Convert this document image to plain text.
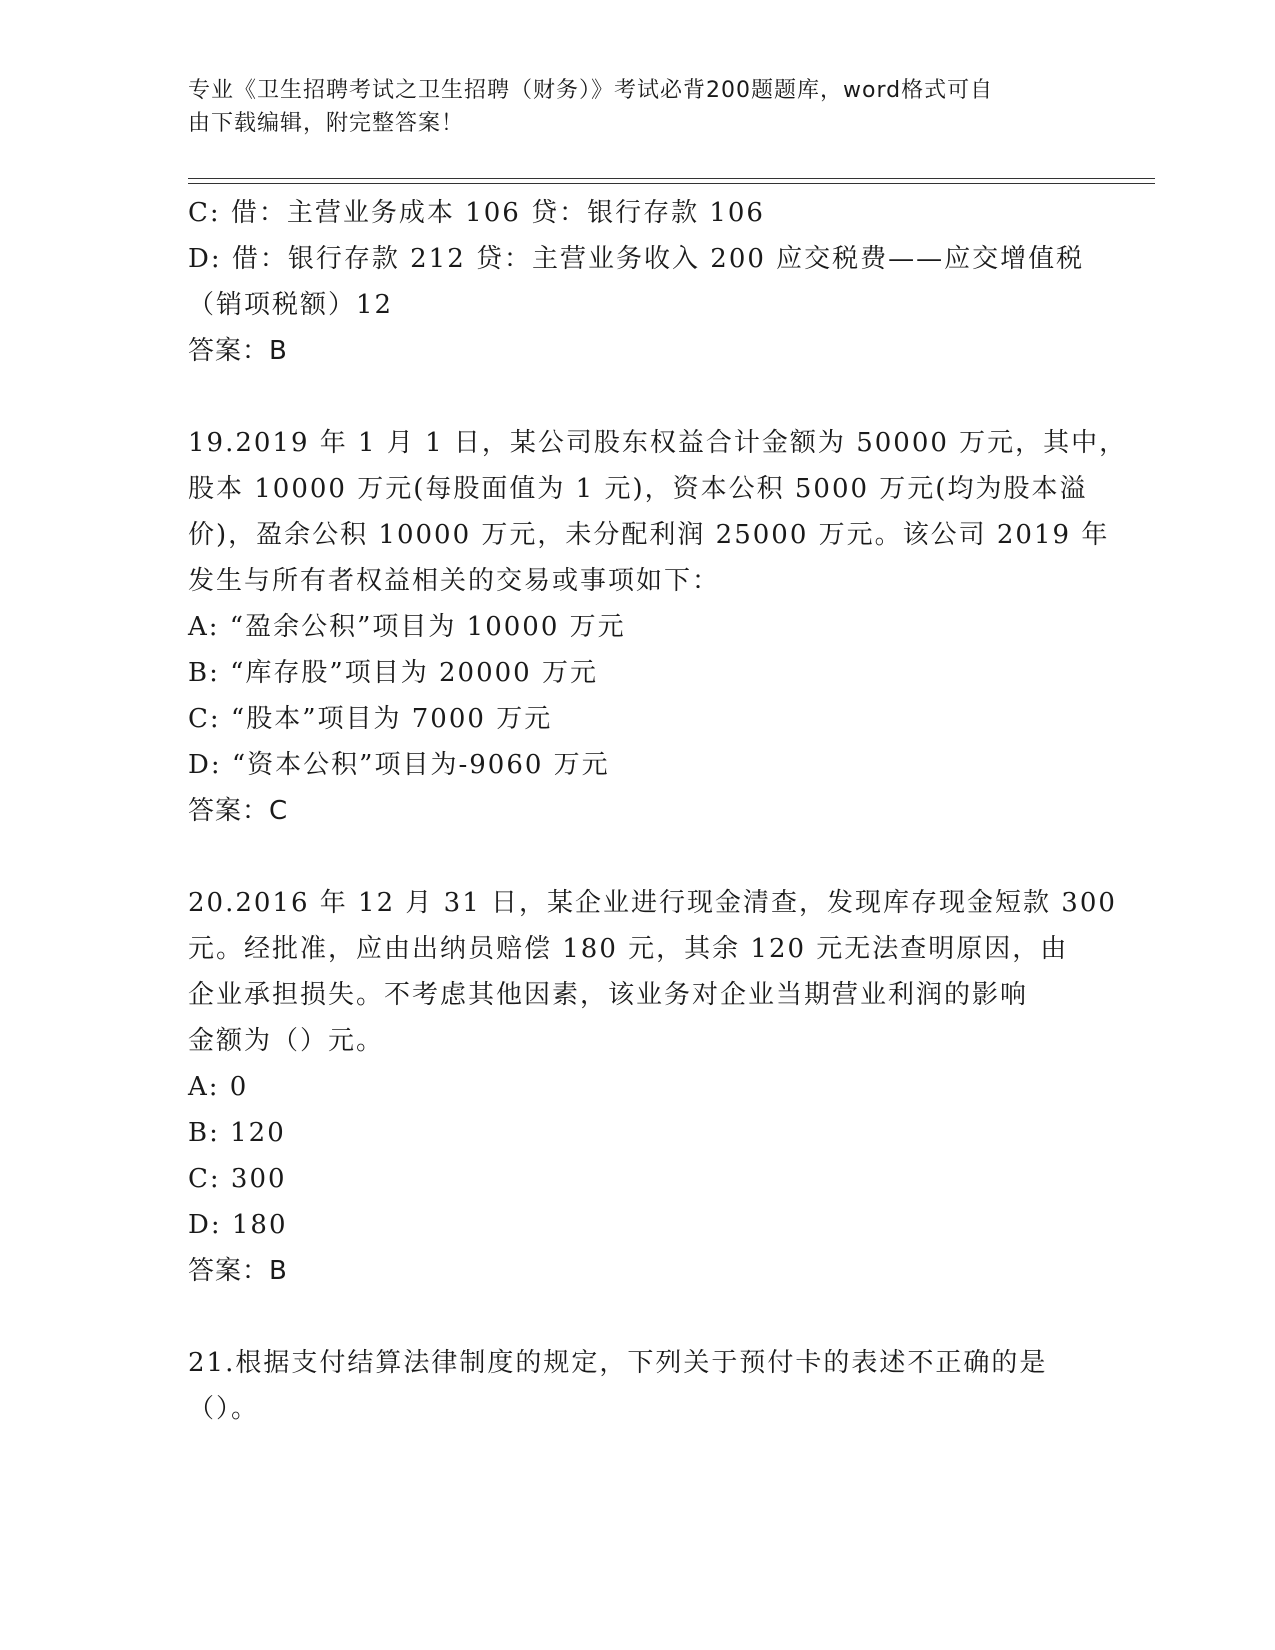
专业《卫生招聘考试之卫生招聘（财务）》考试必背200题题库，word格式可自
由下载编辑，附完整答案！

C: 借：主营业务成本 106 贷：银行存款 106

D: 借：银行存款 212 贷：主营业务收入 200 应交税费——应交增值税

（销项税额）12

答案：B

19.2019 年 1 月 1 日，某公司股东权益合计金额为 50000 万元，其中，

股本 10000 万元(每股面值为 1 元)，资本公积 5000 万元(均为股本溢

价)，盈余公积 10000 万元，未分配利润 25000 万元。该公司 2019 年

发生与所有者权益相关的交易或事项如下：

A: “盈余公积”项目为 10000 万元

B: “库存股”项目为 20000 万元

C: “股本”项目为 7000 万元

D: “资本公积”项目为-9060 万元

答案：C

20.2016 年 12 月 31 日，某企业进行现金清查，发现库存现金短款 300

元。经批准，应由出纳员赔偿 180 元，其余 120 元无法查明原因，由

企业承担损失。不考虑其他因素，该业务对企业当期营业利润的影响

金额为（）元。

A: 0

B: 120

C: 300

D: 180

答案：B

21.根据支付结算法律制度的规定，下列关于预付卡的表述不正确的是

（）。
